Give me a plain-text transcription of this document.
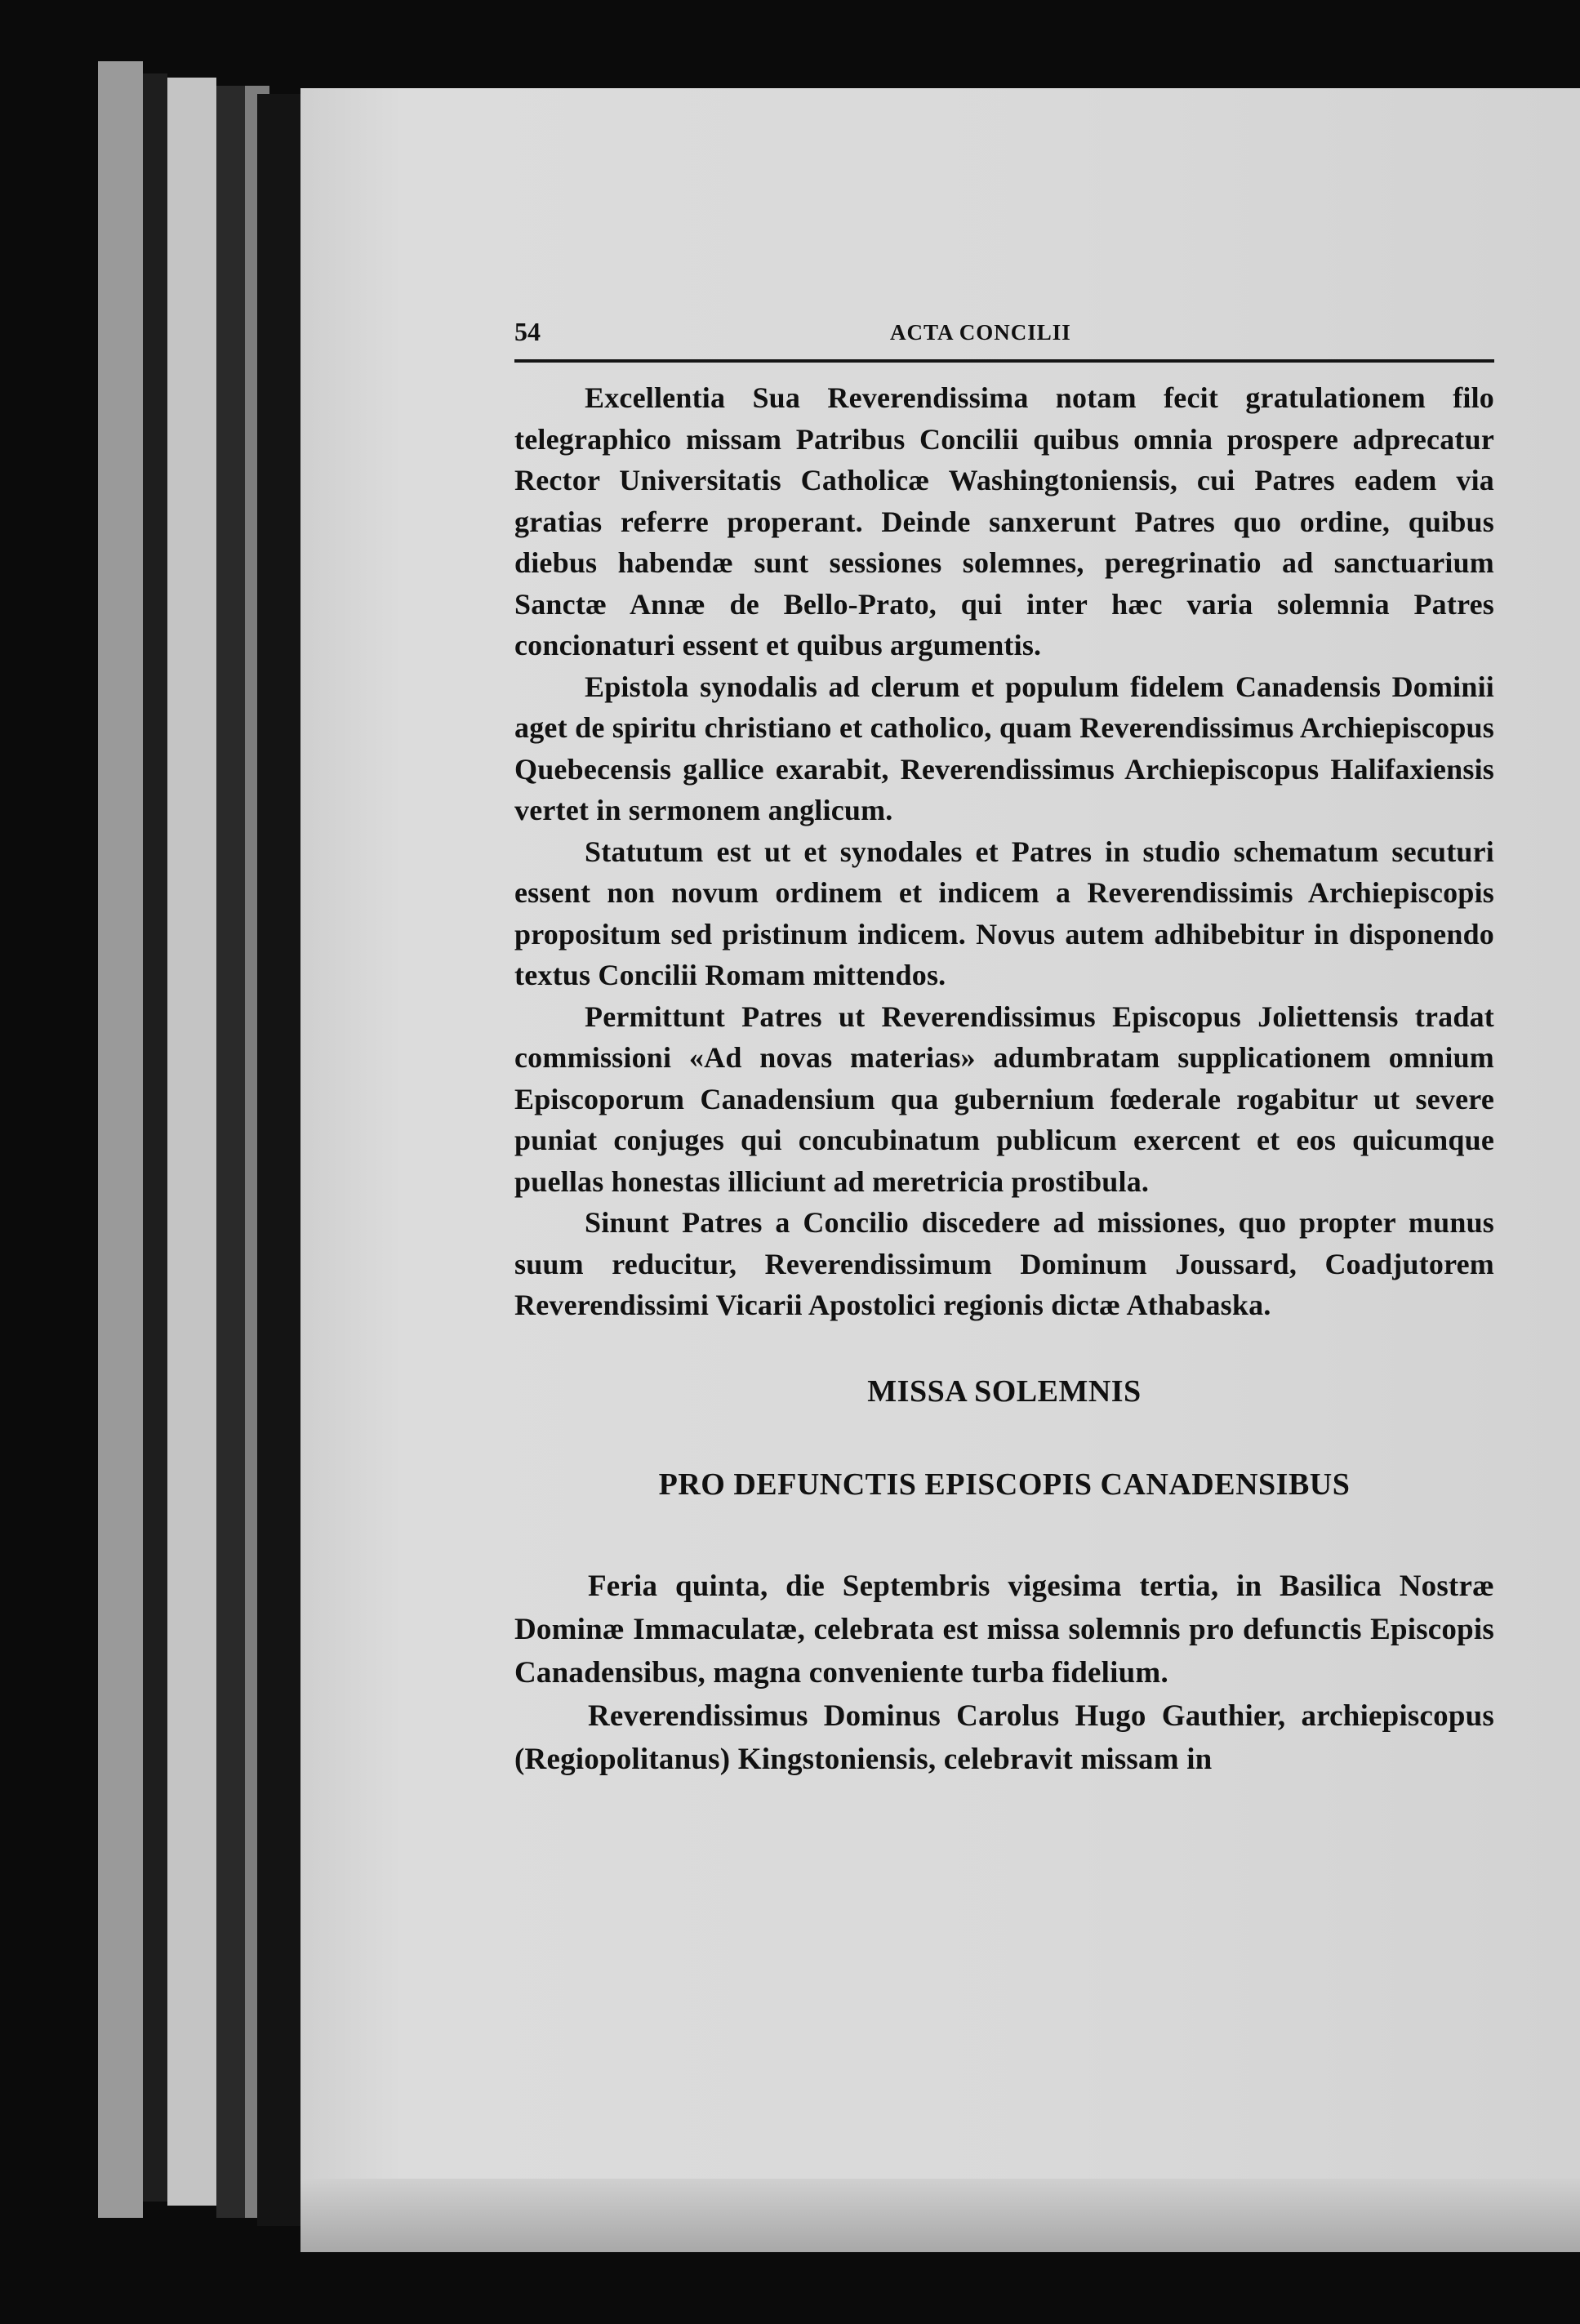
54	ACTA CONCILII

Excellentia Sua Reverendissima notam fecit gratulationem filo telegraphico missam Patribus Concilii quibus omnia prospere adprecatur Rector Universitatis Catholicæ Washingtoniensis, cui Patres eadem via gratias referre properant. Deinde sanxerunt Patres quo ordine, quibus diebus habendæ sunt sessiones solemnes, peregrinatio ad sanctuarium Sanctæ Annæ de Bello-Prato, qui inter hæc varia solemnia Patres concionaturi essent et quibus argumentis.

Epistola synodalis ad clerum et populum fidelem Canadensis Dominii aget de spiritu christiano et catholico, quam Reverendissimus Archiepiscopus Quebecensis gallice exarabit, Reverendissimus Archiepiscopus Halifaxiensis vertet in sermonem anglicum.

Statutum est ut et synodales et Patres in studio schematum secuturi essent non novum ordinem et indicem a Reverendissimis Archiepiscopis propositum sed pristinum indicem. Novus autem adhibebitur in disponendo textus Concilii Romam mittendos.

Permittunt Patres ut Reverendissimus Episcopus Joliettensis tradat commissioni «Ad novas materias» adumbratam supplicationem omnium Episcoporum Canadensium qua gubernium fœderale rogabitur ut severe puniat conjuges qui concubinatum publicum exercent et eos quicumque puellas honestas illiciunt ad meretricia prostibula.

Sinunt Patres a Concilio discedere ad missiones, quo propter munus suum reducitur, Reverendissimum Dominum Joussard, Coadjutorem Reverendissimi Vicarii Apostolici regionis dictæ Athabaska.

MISSA SOLEMNIS
PRO DEFUNCTIS EPISCOPIS CANADENSIBUS

Feria quinta, die Septembris vigesima tertia, in Basilica Nostræ Dominæ Immaculatæ, celebrata est missa solemnis pro defunctis Episcopis Canadensibus, magna conveniente turba fidelium.

Reverendissimus Dominus Carolus Hugo Gauthier, archiepiscopus (Regiopolitanus) Kingstoniensis, celebravit missam in
